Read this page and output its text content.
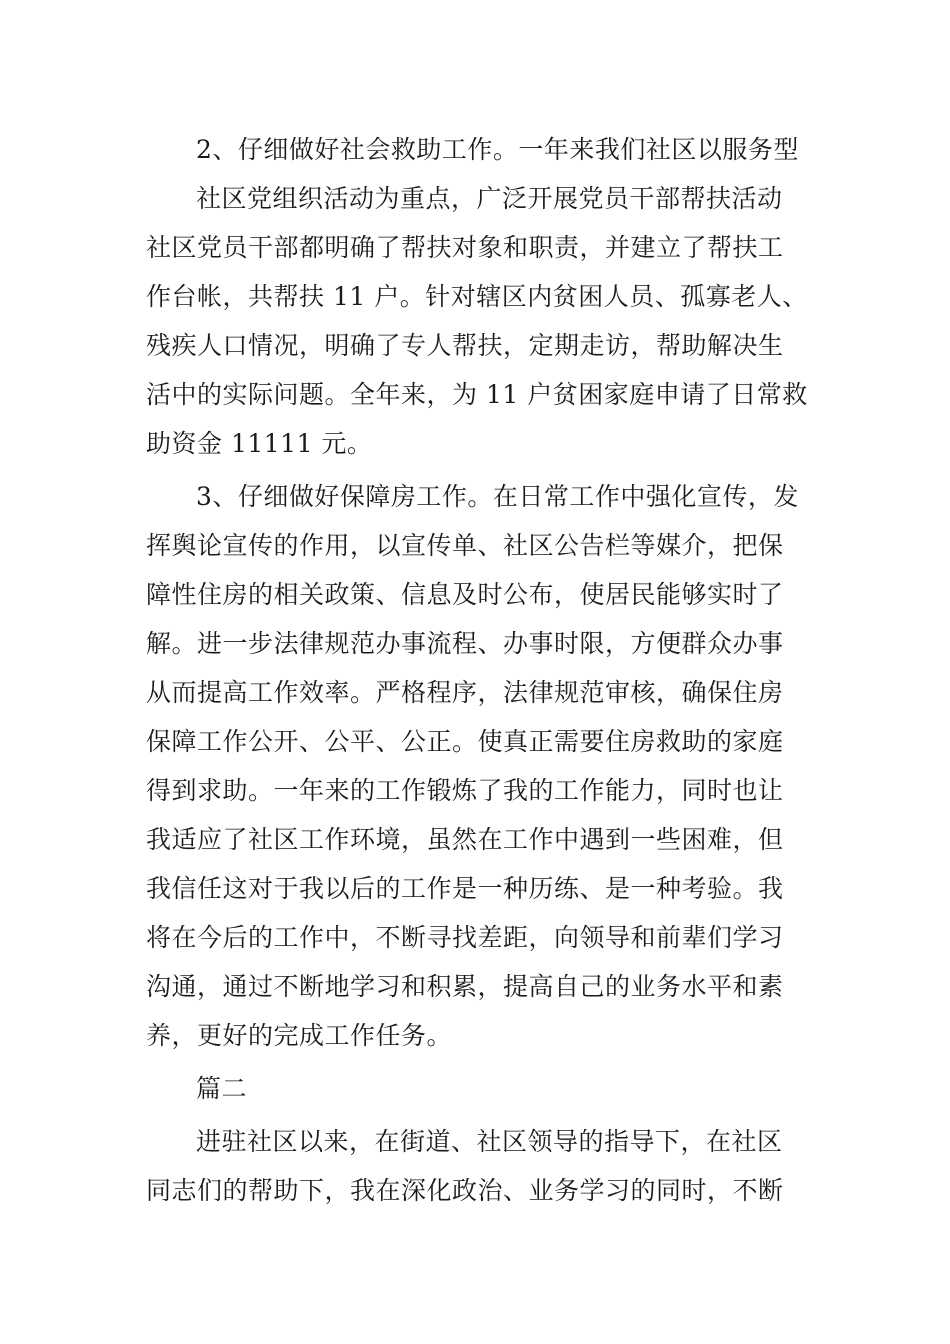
2、仔细做好社会救助工作。一年来我们社区以服务型
社区党组织活动为重点，广泛开展党员干部帮扶活动
社区党员干部都明确了帮扶对象和职责，并建立了帮扶工
作台帐，共帮扶 11 户。针对辖区内贫困人员、孤寡老人、
残疾人口情况，明确了专人帮扶，定期走访，帮助解决生
活中的实际问题。全年来，为 11 户贫困家庭申请了日常救
助资金 11111 元。
3、仔细做好保障房工作。在日常工作中强化宣传，发
挥舆论宣传的作用，以宣传单、社区公告栏等媒介，把保
障性住房的相关政策、信息及时公布，使居民能够实时了
解。进一步法律规范办事流程、办事时限，方便群众办事
从而提高工作效率。严格程序，法律规范审核，确保住房
保障工作公开、公平、公正。使真正需要住房救助的家庭
得到求助。一年来的工作锻炼了我的工作能力，同时也让
我适应了社区工作环境，虽然在工作中遇到一些困难，但
我信任这对于我以后的工作是一种历练、是一种考验。我
将在今后的工作中，不断寻找差距，向领导和前辈们学习
沟通，通过不断地学习和积累，提高自己的业务水平和素
养，更好的完成工作任务。
篇二
进驻社区以来，在街道、社区领导的指导下，在社区
同志们的帮助下，我在深化政治、业务学习的同时，不断
